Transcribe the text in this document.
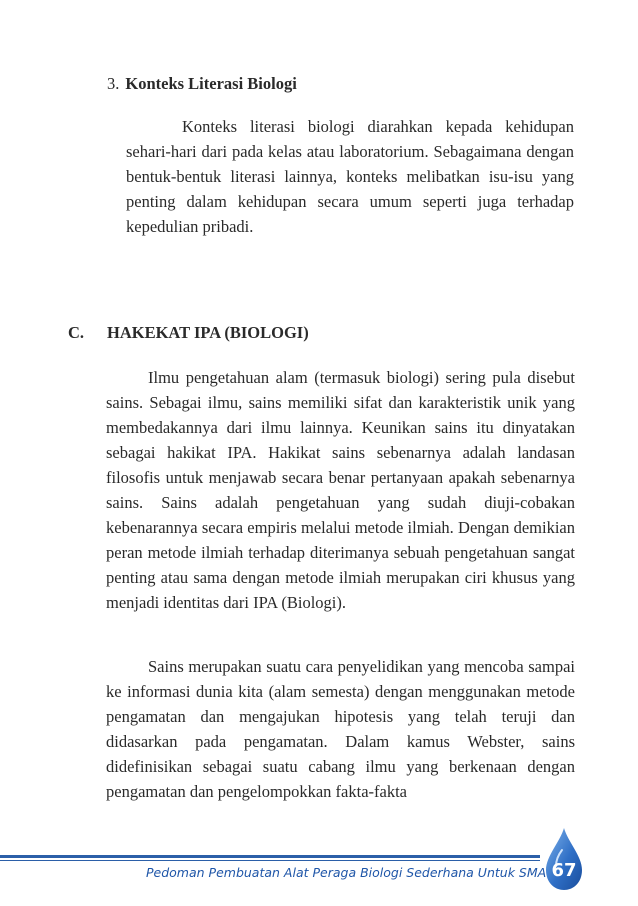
3. Konteks Literasi Biologi

Konteks literasi biologi diarahkan kepada kehidupan sehari-hari dari pada kelas atau laboratorium. Sebagaimana dengan bentuk-bentuk literasi lainnya, konteks melibatkan isu-isu yang penting dalam kehidupan secara umum seperti juga terhadap kepedulian pribadi.

C. HAKEKAT IPA (BIOLOGI)

Ilmu pengetahuan alam (termasuk biologi) sering pula disebut sains. Sebagai ilmu, sains memiliki sifat dan karakteristik unik yang membedakannya dari ilmu lainnya. Keunikan sains itu dinyatakan sebagai hakikat IPA. Hakikat sains sebenarnya adalah landasan filosofis untuk menjawab secara benar pertanyaan apakah sebenarnya sains. Sains adalah pengetahuan yang sudah diuji-cobakan kebenarannya secara empiris melalui metode ilmiah. Dengan demikian peran metode ilmiah terhadap diterimanya sebuah pengetahuan sangat penting atau sama dengan metode ilmiah merupakan ciri khusus yang menjadi identitas dari IPA (Biologi).

Sains merupakan suatu cara penyelidikan yang mencoba sampai ke informasi dunia kita (alam semesta) dengan menggunakan metode pengamatan dan mengajukan hipotesis yang telah teruji dan didasarkan pada pengamatan. Dalam kamus Webster, sains didefinisikan sebagai suatu cabang ilmu yang berkenaan dengan pengamatan dan pengelompokkan fakta-fakta

Pedoman Pembuatan Alat Peraga Biologi Sederhana Untuk SMA 67
